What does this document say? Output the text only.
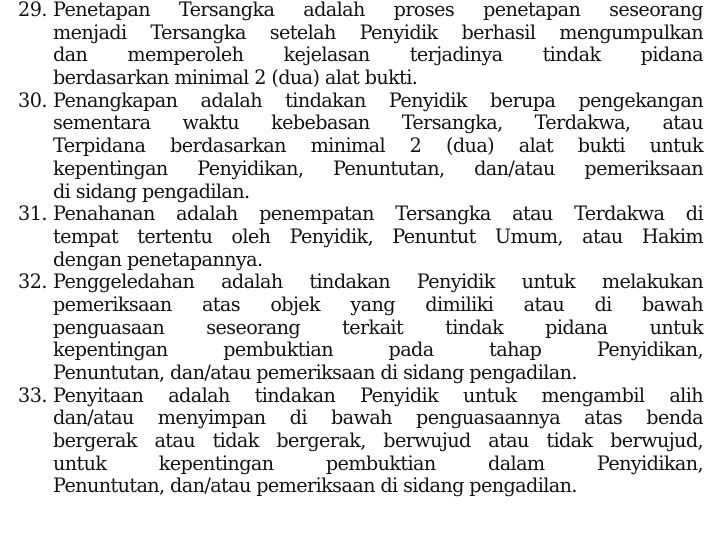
29. Penetapan Tersangka adalah proses penetapan seseorang
menjadi Tersangka setelah Penyidik berhasil mengumpulkan
dan memperoleh kejelasan terjadinya tindak pidana
berdasarkan minimal 2 (dua) alat bukti.
30. Penangkapan adalah tindakan Penyidik berupa pengekangan
sementara waktu kebebasan Tersangka, Terdakwa, atau
Terpidana berdasarkan minimal 2 (dua) alat bukti untuk
kepentingan Penyidikan, Penuntutan, dan/atau pemeriksaan
di sidang pengadilan.
31. Penahanan adalah penempatan Tersangka atau Terdakwa di
tempat tertentu oleh Penyidik, Penuntut Umum, atau Hakim
dengan penetapannya.
32. Penggeledahan adalah tindakan Penyidik untuk melakukan
pemeriksaan atas objek yang dimiliki atau di bawah
penguasaan seseorang terkait tindak pidana untuk
kepentingan pembuktian pada tahap Penyidikan,
Penuntutan, dan/atau pemeriksaan di sidang pengadilan.
33. Penyitaan adalah tindakan Penyidik untuk mengambil alih
dan/atau menyimpan di bawah penguasaannya atas benda
bergerak atau tidak bergerak, berwujud atau tidak berwujud,
untuk kepentingan pembuktian dalam Penyidikan,
Penuntutan, dan/atau pemeriksaan di sidang pengadilan.
